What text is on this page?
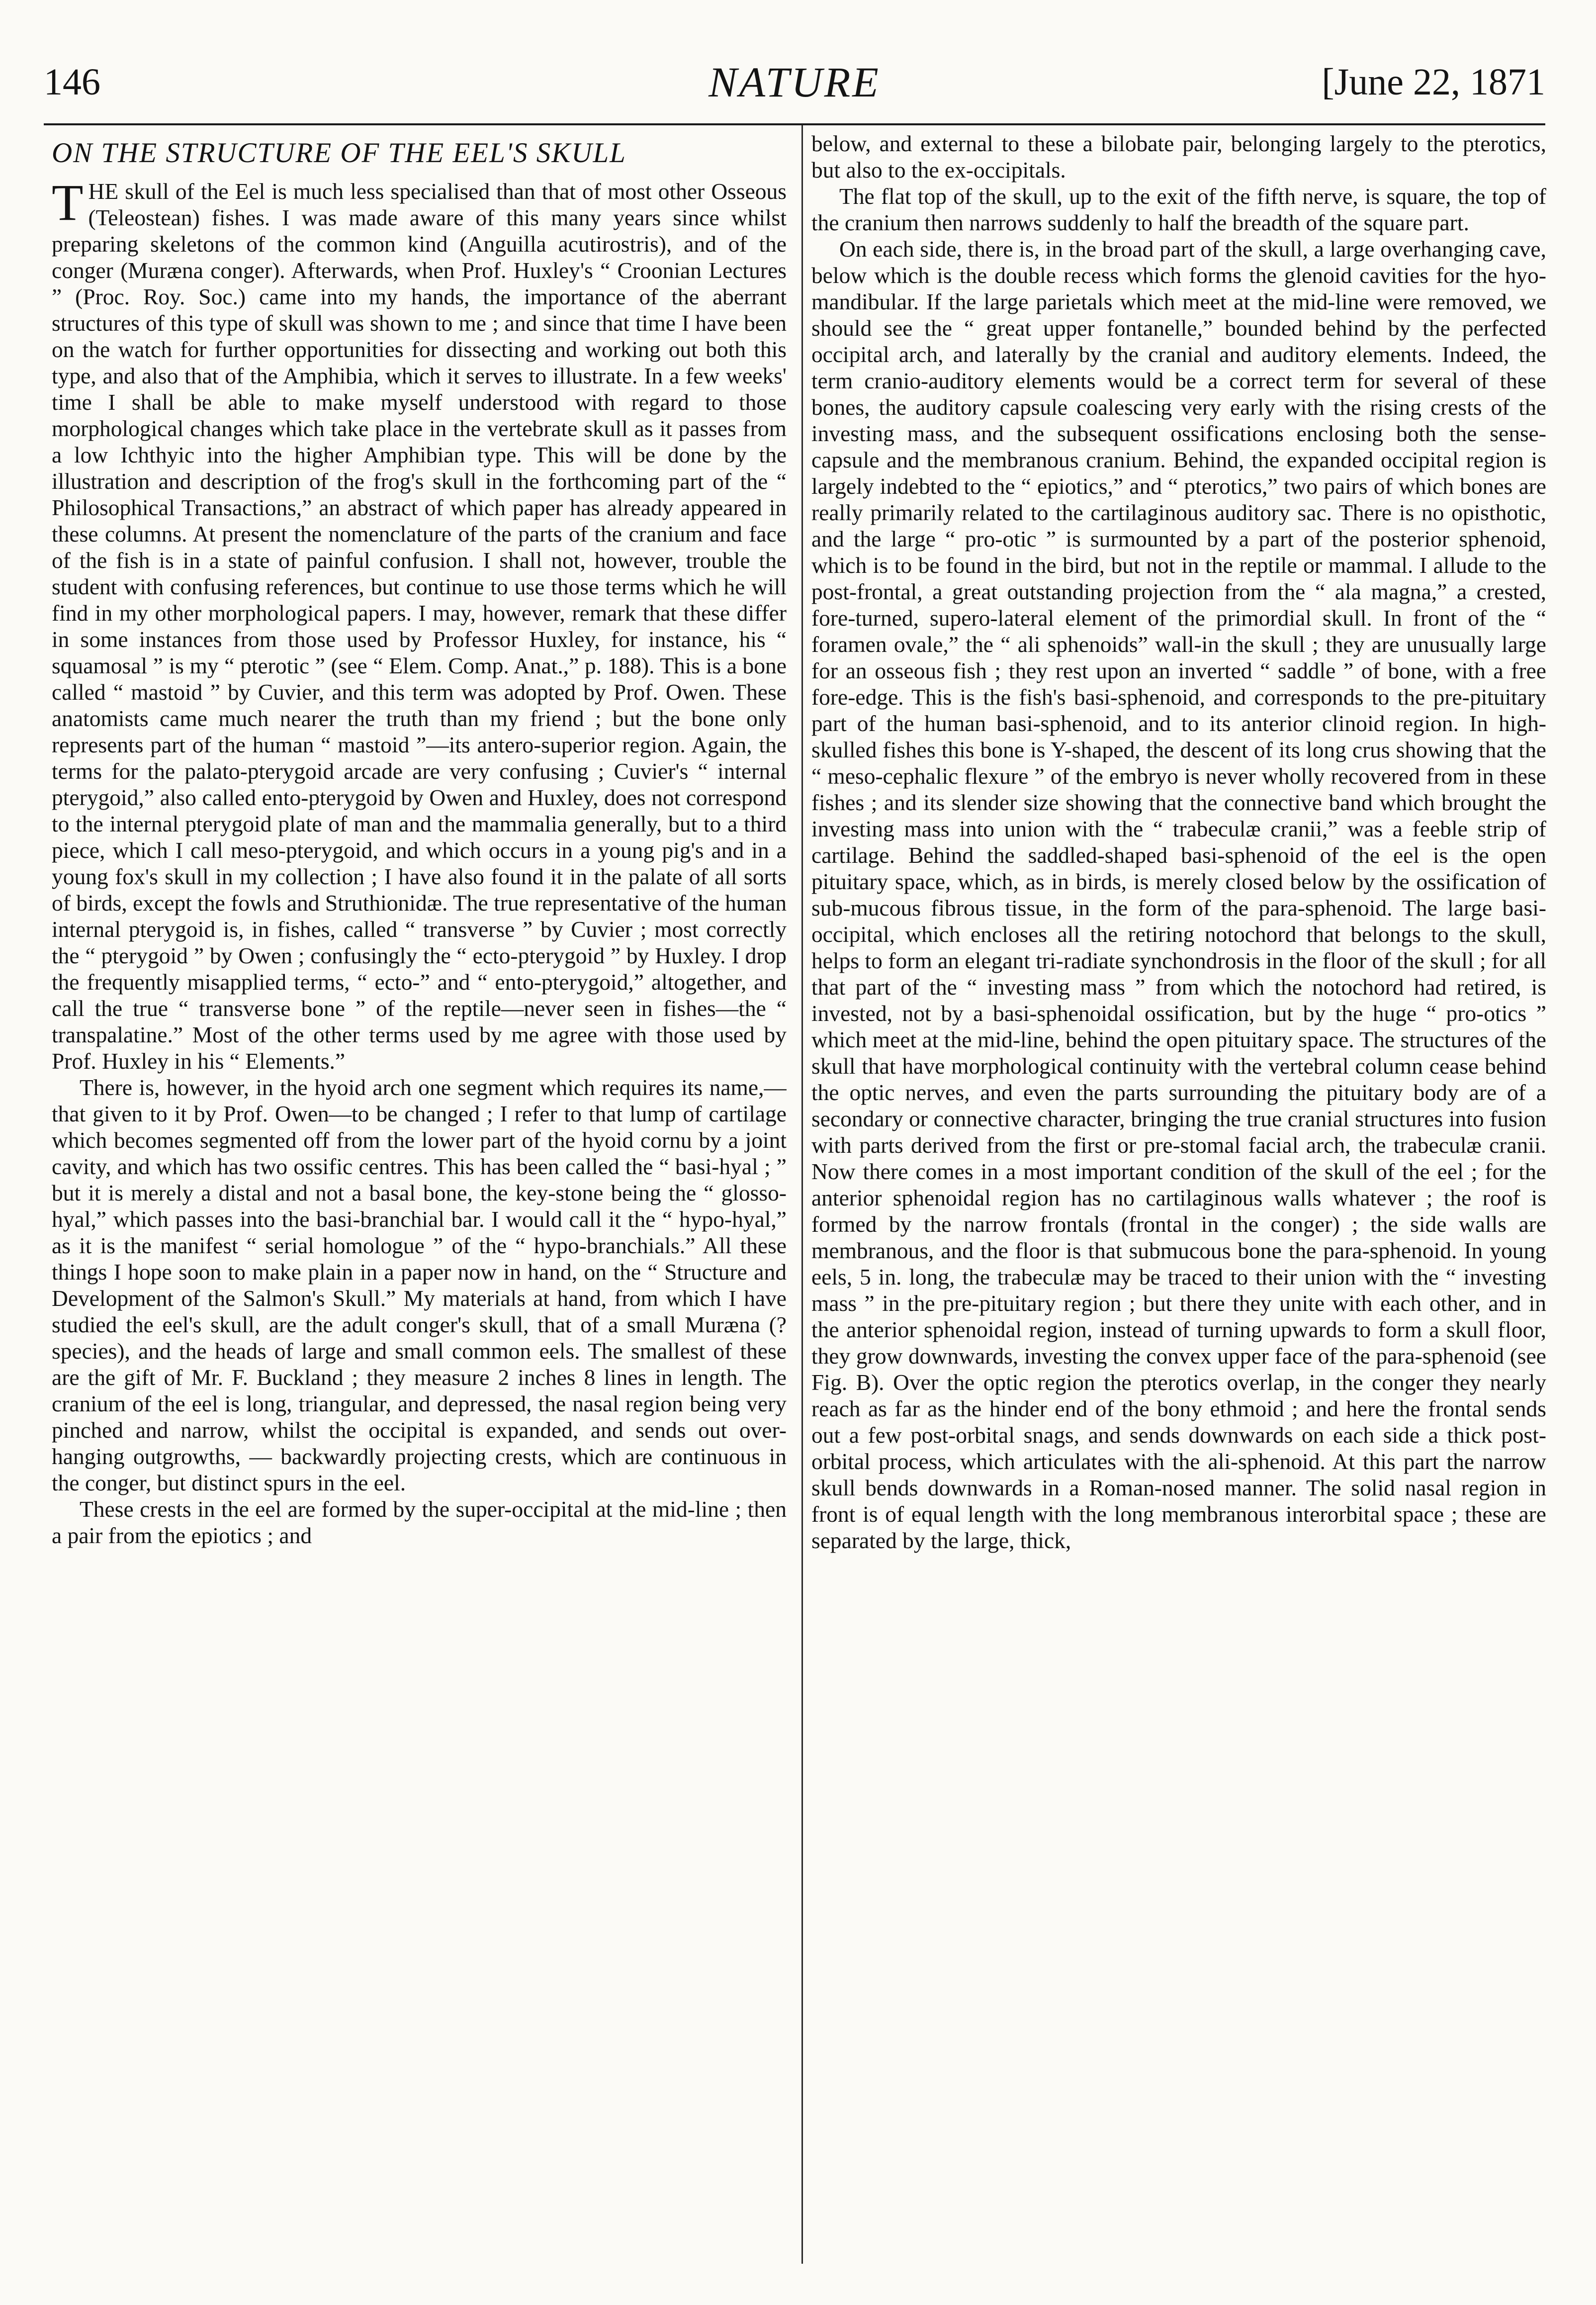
146	NATURE	[June 22, 1871
ON THE STRUCTURE OF THE EEL'S SKULL

THE skull of the Eel is much less specialised than that of most other Osseous (Teleostean) fishes. I was made aware of this many years since whilst preparing skeletons of the common kind (Anguilla acutirostris), and of the conger (Muræna conger). Afterwards, when Prof. Huxley's “ Croonian Lectures ” (Proc. Roy. Soc.) came into my hands, the importance of the aberrant structures of this type of skull was shown to me ; and since that time I have been on the watch for further opportunities for dissecting and working out both this type, and also that of the Amphibia, which it serves to illustrate. In a few weeks' time I shall be able to make myself understood with regard to those morphological changes which take place in the vertebrate skull as it passes from a low Ichthyic into the higher Amphibian type. This will be done by the illustration and description of the frog's skull in the forthcoming part of the “ Philosophical Transactions,” an abstract of which paper has already appeared in these columns. At present the nomenclature of the parts of the cranium and face of the fish is in a state of painful confusion. I shall not, however, trouble the student with confusing references, but continue to use those terms which he will find in my other morphological papers. I may, however, remark that these differ in some instances from those used by Professor Huxley, for instance, his “ squamosal ” is my “ pterotic ” (see “ Elem. Comp. Anat.,” p. 188). This is a bone called “ mastoid ” by Cuvier, and this term was adopted by Prof. Owen. These anatomists came much nearer the truth than my friend ; but the bone only represents part of the human “ mastoid ”—its antero-superior region. Again, the terms for the palato-pterygoid arcade are very confusing ; Cuvier's “ internal pterygoid,” also called ento-pterygoid by Owen and Huxley, does not correspond to the internal pterygoid plate of man and the mammalia generally, but to a third piece, which I call meso-pterygoid, and which occurs in a young pig's and in a young fox's skull in my collection ; I have also found it in the palate of all sorts of birds, except the fowls and Struthionidæ. The true representative of the human internal pterygoid is, in fishes, called “ transverse ” by Cuvier ; most correctly the “ pterygoid ” by Owen ; confusingly the “ ecto-pterygoid ” by Huxley. I drop the frequently misapplied terms, “ ecto-” and “ ento-pterygoid,” altogether, and call the true “ transverse bone ” of the reptile—never seen in fishes—the “ transpalatine.” Most of the other terms used by me agree with those used by Prof. Huxley in his “ Elements.”

There is, however, in the hyoid arch one segment which requires its name,—that given to it by Prof. Owen—to be changed ; I refer to that lump of cartilage which becomes segmented off from the lower part of the hyoid cornu by a joint cavity, and which has two ossific centres. This has been called the “ basi-hyal ; ” but it is merely a distal and not a basal bone, the key-stone being the “ glosso-hyal,” which passes into the basi-branchial bar. I would call it the “ hypo-hyal,” as it is the manifest “ serial homologue ” of the “ hypo-branchials.” All these things I hope soon to make plain in a paper now in hand, on the “ Structure and Development of the Salmon's Skull.” My materials at hand, from which I have studied the eel's skull, are the adult conger's skull, that of a small Muræna (? species), and the heads of large and small common eels. The smallest of these are the gift of Mr. F. Buckland ; they measure 2 inches 8 lines in length. The cranium of the eel is long, triangular, and depressed, the nasal region being very pinched and narrow, whilst the occipital is expanded, and sends out over-hanging outgrowths, — backwardly projecting crests, which are continuous in the conger, but distinct spurs in the eel.

These crests in the eel are formed by the super-occipital at the mid-line ; then a pair from the epiotics ; and

below, and external to these a bilobate pair, belonging largely to the pterotics, but also to the ex-occipitals.

The flat top of the skull, up to the exit of the fifth nerve, is square, the top of the cranium then narrows suddenly to half the breadth of the square part.

On each side, there is, in the broad part of the skull, a large overhanging cave, below which is the double recess which forms the glenoid cavities for the hyo-mandibular. If the large parietals which meet at the mid-line were removed, we should see the “ great upper fontanelle,” bounded behind by the perfected occipital arch, and laterally by the cranial and auditory elements. Indeed, the term cranio-auditory elements would be a correct term for several of these bones, the auditory capsule coalescing very early with the rising crests of the investing mass, and the subsequent ossifications enclosing both the sense-capsule and the membranous cranium. Behind, the expanded occipital region is largely indebted to the “ epiotics,” and “ pterotics,” two pairs of which bones are really primarily related to the cartilaginous auditory sac. There is no opisthotic, and the large “ pro-otic ” is surmounted by a part of the posterior sphenoid, which is to be found in the bird, but not in the reptile or mammal. I allude to the post-frontal, a great outstanding projection from the “ ala magna,” a crested, fore-turned, supero-lateral element of the primordial skull. In front of the “ foramen ovale,” the “ ali sphenoids” wall-in the skull ; they are unusually large for an osseous fish ; they rest upon an inverted “ saddle ” of bone, with a free fore-edge. This is the fish's basi-sphenoid, and corresponds to the pre-pituitary part of the human basi-sphenoid, and to its anterior clinoid region. In high-skulled fishes this bone is Y-shaped, the descent of its long crus showing that the “ meso-cephalic flexure ” of the embryo is never wholly recovered from in these fishes ; and its slender size showing that the connective band which brought the investing mass into union with the “ trabeculæ cranii,” was a feeble strip of cartilage. Behind the saddled-shaped basi-sphenoid of the eel is the open pituitary space, which, as in birds, is merely closed below by the ossification of sub-mucous fibrous tissue, in the form of the para-sphenoid. The large basi-occipital, which encloses all the retiring notochord that belongs to the skull, helps to form an elegant tri-radiate synchondrosis in the floor of the skull ; for all that part of the “ investing mass ” from which the notochord had retired, is invested, not by a basi-sphenoidal ossification, but by the huge “ pro-otics ” which meet at the mid-line, behind the open pituitary space. The structures of the skull that have morphological continuity with the vertebral column cease behind the optic nerves, and even the parts surrounding the pituitary body are of a secondary or connective character, bringing the true cranial structures into fusion with parts derived from the first or pre-stomal facial arch, the trabeculæ cranii. Now there comes in a most important condition of the skull of the eel ; for the anterior sphenoidal region has no cartilaginous walls whatever ; the roof is formed by the narrow frontals (frontal in the conger) ; the side walls are membranous, and the floor is that submucous bone the para-sphenoid. In young eels, 5 in. long, the trabeculæ may be traced to their union with the “ investing mass ” in the pre-pituitary region ; but there they unite with each other, and in the anterior sphenoidal region, instead of turning upwards to form a skull floor, they grow downwards, investing the convex upper face of the para-sphenoid (see Fig. B). Over the optic region the pterotics overlap, in the conger they nearly reach as far as the hinder end of the bony ethmoid ; and here the frontal sends out a few post-orbital snags, and sends downwards on each side a thick post-orbital process, which articulates with the ali-sphenoid. At this part the narrow skull bends downwards in a Roman-nosed manner. The solid nasal region in front is of equal length with the long membranous interorbital space ; these are separated by the large, thick,
